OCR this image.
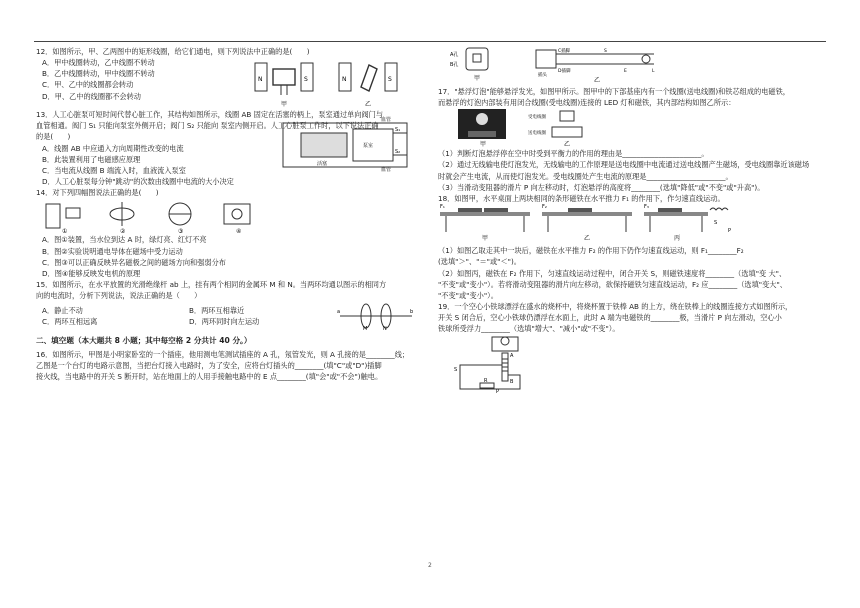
12．如图所示，甲、乙两图中的矩形线圈，给它们通电，则下列说法中正确的是(　　)

A．甲中线圈转动，乙中线圈不转动

B．乙中线圈转动，甲中线圈不转动

C．甲、乙中的线圈都会转动

D．甲、乙中的线圈都不会转动

N	S
甲
N	S
乙

13．人工心脏泵可短时间代替心脏工作，其结构如图所示，线圈 AB 固定在活塞的柄上，泵室通过单向阀门与

血管相通。阀门 S₁ 只能向泵室外侧开启；阀门 S₂ 只能向 泵室内侧开启。人工心脏泵工作时，以下说法正确

的是(　　)

A．线圈 AB 中应通入方向周期性改变的电流

B．此装置利用了电磁感应原理

C．当电流从线圈 B 端流入时，血液流入泵室

D．人工心脏泵每分钟"跳动"的次数由线圈中电流的大小决定

血管
S₁
S₂
活塞
血管
泵室

14．对下列四幅图说法正确的是(　　)

①	②	③	④

A．图①装置，当水位到达 A 时，绿灯亮、红灯不亮

B．图②实验说明通电导体在磁场中受力运动

C．图③可以正确反映异名磁极之间的磁场方向和强弱分布

D．图④能够反映发电机的原理

15．如图所示，在水平放置的光滑绝缘杆 ab 上，挂有两个相同的金属环 M 和 N。当两环均通以图示的相同方

向的电流时，分析下列说法，说法正确的是（　　）

A．静止不动	B．两环互相靠近
C．两环互相远离	D．两环同时向左运动
a
M	N
b

二、填空题（本大题共 8 小题；其中每空格 2 分共计 40 分。）

16．如图所示，甲图是小明家卧室的一个插座，他用测电笔测试插座的 A 孔，氖管发光，则 A 孔接的是________线；

乙图是一个台灯的电路示意图，当把台灯接入电路时，为了安全，应将台灯插头的________(填"C"或"D")插脚

接火线，当电路中的开关 S 断开时，站在地面上的人用手接触电路中的 E 点________(填"会"或"不会")触电。

A孔
B孔
甲
C插脚
D插脚
插头
S
E	L
乙

17．"悬浮灯泡"能够悬浮发光，如图甲所示。图甲中的下部基座内有一个线圈(送电线圈)和铁芯组成的电磁铁，

而悬浮的灯泡内部装有用闭合线圈(受电线圈)连接的 LED 灯和磁铁，其内部结构如图乙所示：

甲
受电线圈
送电线圈
乙

（1）判断灯泡悬浮停在空中时受到平衡力的作用的理由是______________________。

（2）通过无线输电使灯泡发光，无线输电的工作原理是送电线圈中电流通过送电线圈产生磁场，受电线圈靠近该磁场

时就会产生电流，从而使灯泡发光。受电线圈处产生电流的原理是______________________。

（3）当滑动变阻器的滑片 P 向左移动时，灯泡悬浮的高度将________(选填"降低"或"不变"或"升高")。

18．如图甲，水平桌面上两块相同的条形磁铁在水平推力 F₁ 的作用下，作匀速直线运动。

F₁
甲
F₂
乙
F₃
S
丙
P

（1）如图乙取走其中一块后，磁铁在水平推力 F₂ 的作用下仍作匀速直线运动，则 F₁________F₂

(选填"＞"、"＝"或"＜")。

（2）如图丙，磁铁在 F₂ 作用下，匀速直线运动过程中，闭合开关 S，则磁铁速度将________（选填"变 大"、

"不变"或"变小"）。若将滑动变阻器的滑片向左移动，欲保持磁铁匀速直线运动，F₂ 应________（选填"变大"、

"不变"或"变小"）。

19．一个空心小铁球漂浮在盛水的烧杯中，将烧杯置于铁棒 AB 的上方，绕在铁棒上的线圈连接方式如图所示，

开关 S 闭合后，空心小铁球仍漂浮在水面上，此时 A 端为电磁铁的________极，当滑片 P 向左滑动，空心小

铁球所受浮力________（选填"增大"、"减小"或"不变"）。

A
B
S
R
P
2
